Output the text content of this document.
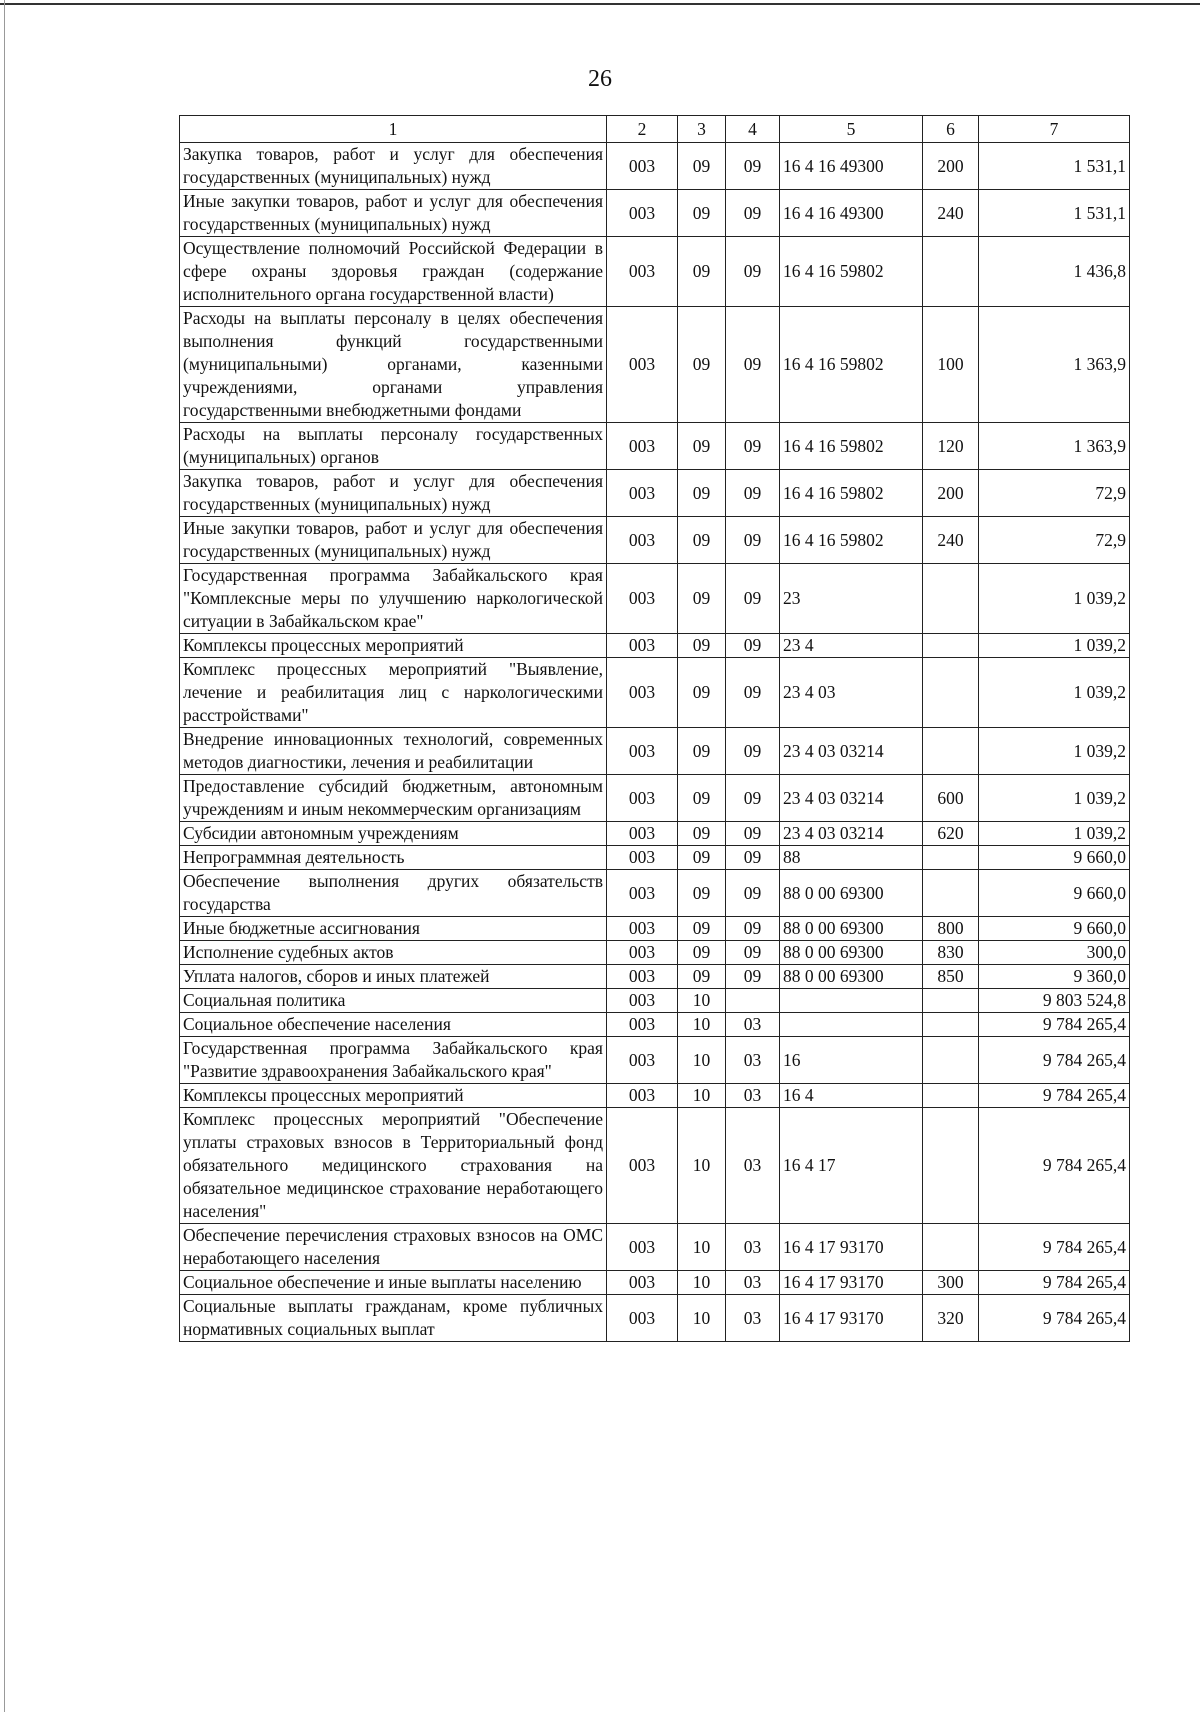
26
1	2	3	4	5	6	7
Закупка товаров, работ и услуг для обеспечения государственных (муниципальных) нужд	003	09	09	16 4 16 49300	200	1 531,1
Иные закупки товаров, работ и услуг для обеспечения государственных (муниципальных) нужд	003	09	09	16 4 16 49300	240	1 531,1
Осуществление полномочий Российской Федерации в сфере охраны здоровья граждан (содержание исполнительного органа государственной власти)	003	09	09	16 4 16 59802		1 436,8
Расходы на выплаты персоналу в целях обеспечения выполнения функций государственными (муниципальными) органами, казенными учреждениями, органами управления государственными внебюджетными фондами	003	09	09	16 4 16 59802	100	1 363,9
Расходы на выплаты персоналу государственных (муниципальных) органов	003	09	09	16 4 16 59802	120	1 363,9
Закупка товаров, работ и услуг для обеспечения государственных (муниципальных) нужд	003	09	09	16 4 16 59802	200	72,9
Иные закупки товаров, работ и услуг для обеспечения государственных (муниципальных) нужд	003	09	09	16 4 16 59802	240	72,9
Государственная программа Забайкальского края "Комплексные меры по улучшению наркологической ситуации в Забайкальском крае"	003	09	09	23		1 039,2
Комплексы процессных мероприятий	003	09	09	23 4		1 039,2
Комплекс процессных мероприятий "Выявление, лечение и реабилитация лиц с наркологическими расстройствами"	003	09	09	23 4 03		1 039,2
Внедрение инновационных технологий, современных методов диагностики, лечения и реабилитации	003	09	09	23 4 03 03214		1 039,2
Предоставление субсидий бюджетным, автономным учреждениям и иным некоммерческим организациям	003	09	09	23 4 03 03214	600	1 039,2
Субсидии автономным учреждениям	003	09	09	23 4 03 03214	620	1 039,2
Непрограммная деятельность	003	09	09	88		9 660,0
Обеспечение выполнения других обязательств государства	003	09	09	88 0 00 69300		9 660,0
Иные бюджетные ассигнования	003	09	09	88 0 00 69300	800	9 660,0
Исполнение судебных актов	003	09	09	88 0 00 69300	830	300,0
Уплата налогов, сборов и иных платежей	003	09	09	88 0 00 69300	850	9 360,0
Социальная политика	003	10				9 803 524,8
Социальное обеспечение населения	003	10	03			9 784 265,4
Государственная программа Забайкальского края "Развитие здравоохранения Забайкальского края"	003	10	03	16		9 784 265,4
Комплексы процессных мероприятий	003	10	03	16 4		9 784 265,4
Комплекс процессных мероприятий "Обеспечение уплаты страховых взносов в Территориальный фонд обязательного медицинского страхования на обязательное медицинское страхование неработающего населения"	003	10	03	16 4 17		9 784 265,4
Обеспечение перечисления страховых взносов на ОМС неработающего населения	003	10	03	16 4 17 93170		9 784 265,4
Социальное обеспечение и иные выплаты населению	003	10	03	16 4 17 93170	300	9 784 265,4
Социальные выплаты гражданам, кроме публичных нормативных социальных выплат	003	10	03	16 4 17 93170	320	9 784 265,4
